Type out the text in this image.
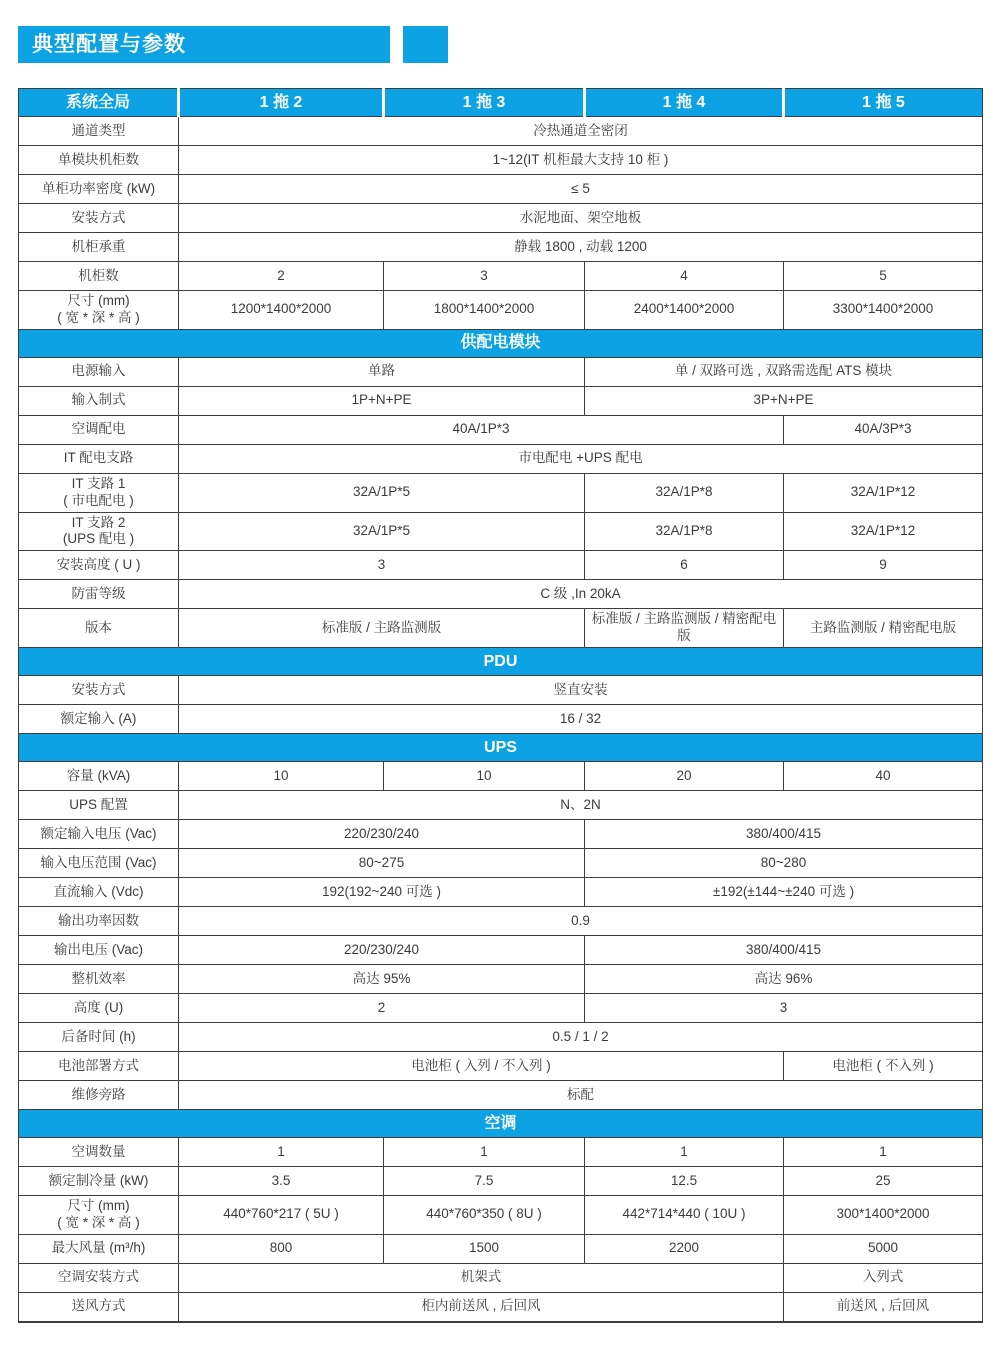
典型配置与参数
系统全局	1 拖 2	1 拖 3	1 拖 4	1 拖 5
通道类型	冷热通道全密闭			
单模块机柜数	1~12(IT 机柜最大支持 10 柜 )			
单柜功率密度 (kW)	≤ 5			
安装方式	水泥地面、架空地板			
机柜承重	静载 1800 , 动载 1200			
机柜数	2	3	4	5

尺寸 (mm)
( 宽 * 深 * 高 )	1200*1400*2000	1800*1400*2000	2400*1400*2000	3300*1400*2000
供配电模块				
电源输入	单路		单 / 双路可选 , 双路需选配 ATS 模块	
输入制式	1P+N+PE		3P+N+PE	
空调配电	40A/1P*3			40A/3P*3
IT 配电支路	市电配电 +UPS 配电			

IT 支路 1
( 市电配电 )	32A/1P*5		32A/1P*8	32A/1P*12

IT 支路 2
(UPS 配电 )	32A/1P*5		32A/1P*8	32A/1P*12
安装高度 ( U )	3		6	9
防雷等级	C 级 ,In 20kA			
版本	标准版 / 主路监测版		标准版 / 主路监测版 / 精密配电版	主路监测版 / 精密配电版
PDU				
安装方式	竖直安装			
额定输入 (A)	16 / 32			
UPS				
容量 (kVA)	10	10	20	40
UPS 配置	N、2N			
额定输入电压 (Vac)	220/230/240		380/400/415	
输入电压范围 (Vac)	80~275		80~280	
直流输入 (Vdc)	192(192~240 可选 )		±192(±144~±240 可选 )	
输出功率因数	0.9			
输出电压 (Vac)	220/230/240		380/400/415	
整机效率	高达 95%		高达 96%	
高度 (U)	2		3	
后备时间 (h)	0.5 / 1 / 2			
电池部署方式	电池柜 ( 入列 / 不入列 )			电池柜 ( 不入列 )
维修旁路	标配			
空调				
空调数量	1	1	1	1
额定制冷量 (kW)	3.5	7.5	12.5	25

尺寸 (mm)
( 宽 * 深 * 高 )	440*760*217 ( 5U )	440*760*350 ( 8U )	442*714*440 ( 10U )	300*1400*2000
最大风量 (m³/h)	800	1500	2200	5000
空调安装方式	机架式			入列式
送风方式	柜内前送风 , 后回风			前送风 , 后回风
